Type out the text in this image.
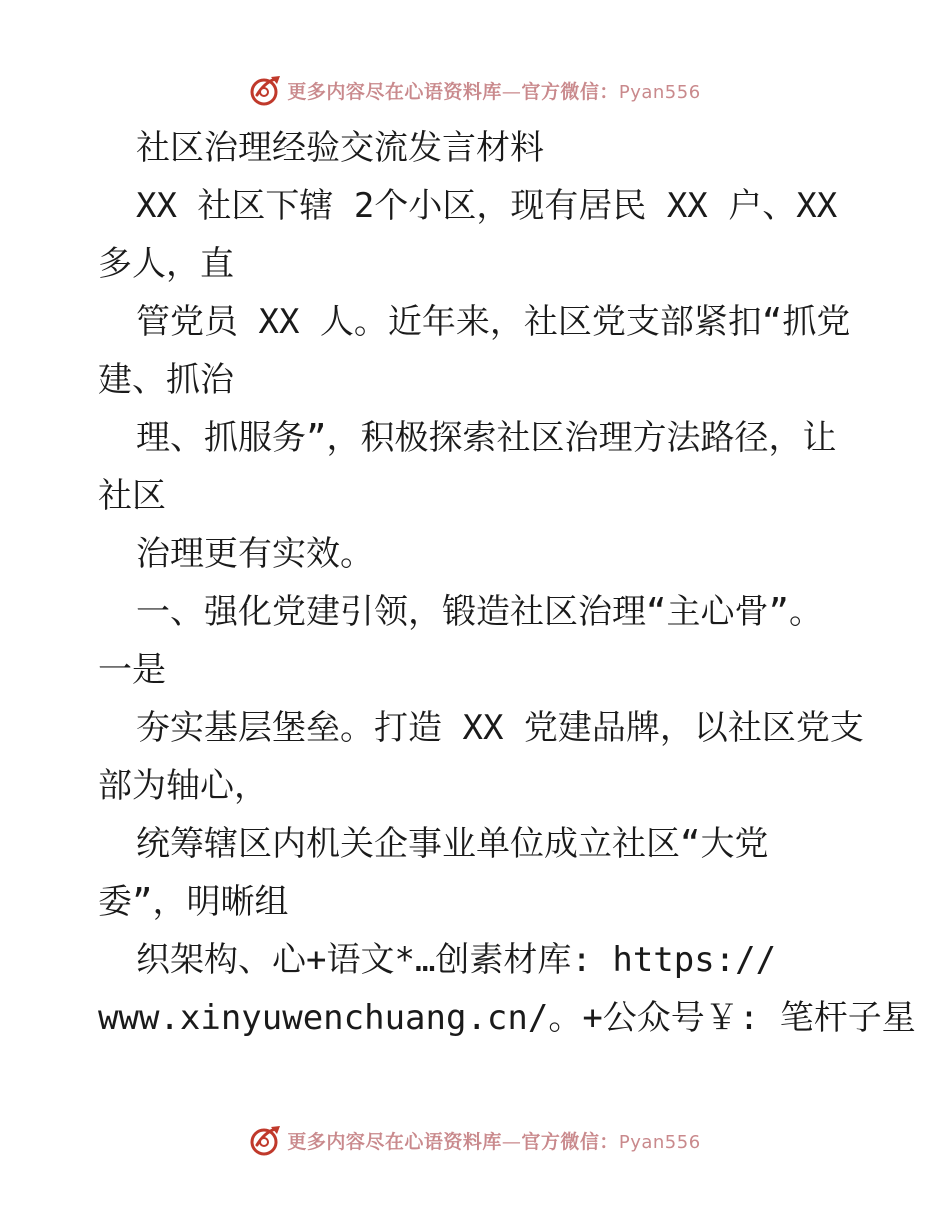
更多内容尽在心语资料库—官方微信：Pyan556
社区治理经验交流发言材料
XX 社区下辖 2个小区，现有居民 XX 户、XX
多人，直
管党员 XX 人。近年来，社区党支部紧扣“抓党
建、抓治
理、抓服务”，积极探索社区治理方法路径，让
社区
治理更有实效。
一、强化党建引领，锻造社区治理“主心骨”。
一是
夯实基层堡垒。打造 XX 党建品牌，以社区党支
部为轴心，
统筹辖区内机关企事业单位成立社区“大党
委”，明晰组
织架构、心+语文*…创素材库: https://
www.xinyuwenchuang.cn/。+公众号￥: 笔杆子星
更多内容尽在心语资料库—官方微信：Pyan556
